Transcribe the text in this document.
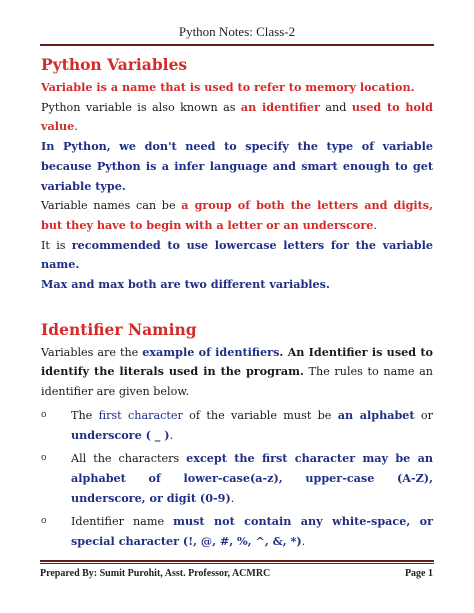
Python Notes: Class-2
Python Variables

Variable is a name that is used to refer to memory location.

Python variable is also known as an identifier and used to hold value.

In Python, we don't need to specify the type of variable because Python is a infer language and smart enough to get variable type.

Variable names can be a group of both the letters and digits, but they have to begin with a letter or an underscore.

It is recommended to use lowercase letters for the variable name.

Max and max both are two different variables.

Identifier Naming

Variables are the example of identifiers. An Identifier is used to identify the literals used in the program. The rules to name an identifier are given below.

o The first character of the variable must be an alphabet or underscore ( _ ).
o All the characters except the first character may be an alphabet of lower-case(a-z), upper-case (A-Z), underscore, or digit (0-9).
o Identifier name must not contain any white-space, or special character (!, @, #, %, ^, &, *).
Prepared By: Sumit Purohit, Asst. Professor, ACMRC	Page 1
